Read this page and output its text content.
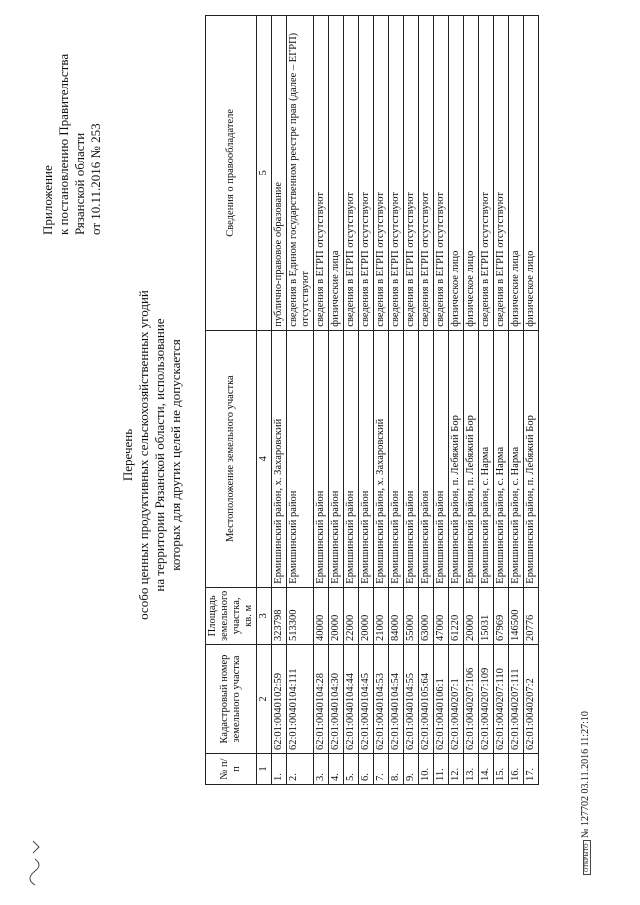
Приложение к постановлению Правительства Рязанской области от 10.11.2016 № 253
Перечень особо ценных продуктивных сельскохозяйственных угодий на территории Рязанской области, использование которых для других целей не допускается
№ п/п	Кадастровый номер земельного участка	Площадь земельного участка, кв. м	Местоположение земельного участка	Сведения о правообладателе
1	2	3	4	5
1.	62:01:0040102:59	323798	Ермишинский район, х. Захаровский	публично-правовое образование
2.	62:01:0040104:111	513300	Ермишинский район	сведения в Едином государственном реестре прав (далее – ЕГРП) отсутствуют
3.	62:01:0040104:28	40000	Ермишинский район	сведения в ЕГРП отсутствуют
4.	62:01:0040104:30	20000	Ермишинский район	физические лица
5.	62:01:0040104:44	22000	Ермишинский район	сведения в ЕГРП отсутствуют
6.	62:01:0040104:45	20000	Ермишинский район	сведения в ЕГРП отсутствуют
7.	62:01:0040104:53	21000	Ермишинский район, х. Захаровский	сведения в ЕГРП отсутствуют
8.	62:01:0040104:54	84000	Ермишинский район	сведения в ЕГРП отсутствуют
9.	62:01:0040104:55	55000	Ермишинский район	сведения в ЕГРП отсутствуют
10.	62:01:0040105:64	63000	Ермишинский район	сведения в ЕГРП отсутствуют
11.	62:01:0040106:1	47000	Ермишинский район	сведения в ЕГРП отсутствуют
12.	62:01:0040207:1	61220	Ермишинский район, п. Лебяжий Бор	физическое лицо
13.	62:01:0040207:106	20000	Ермишинский район, п. Лебяжий Бор	физическое лицо
14.	62:01:0040207:109	15031	Ермишинский район, с. Нарма	сведения в ЕГРП отсутствуют
15.	62:01:0040207:110	67969	Ермишинский район, с. Нарма	сведения в ЕГРП отсутствуют
16.	62:01:0040207:111	146500	Ермишинский район, с. Нарма	физические лица
17.	62:01:0040207:2	20776	Ермишинский район, п. Лебяжий Бор	физическое лицо
ОТКРЫТО № 127702 03.11.2016 11:27:10
